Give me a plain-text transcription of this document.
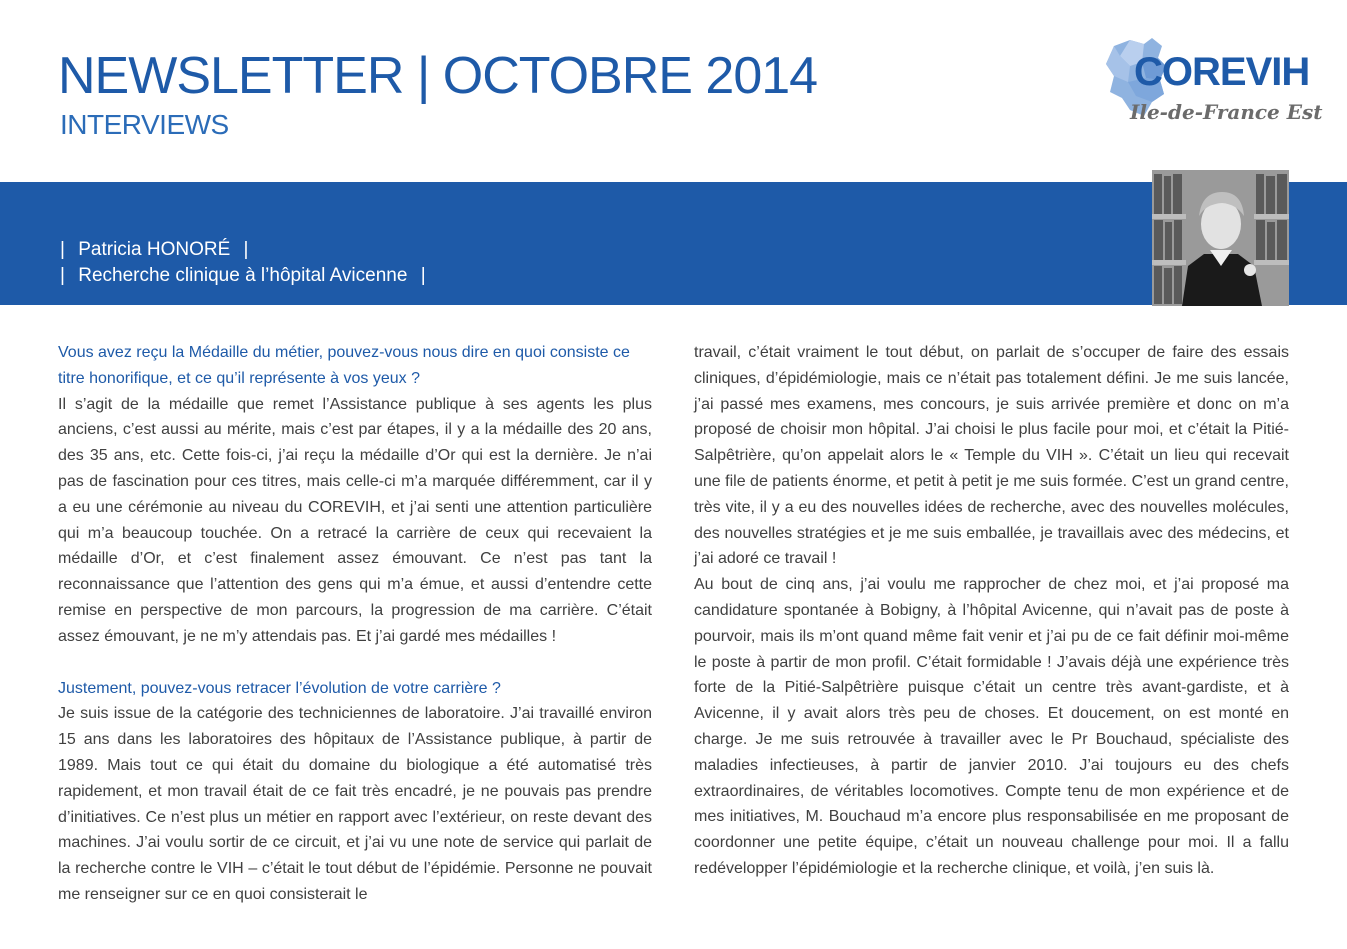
NEWSLETTER | OCTOBRE 2014
INTERVIEWS
COREVIH
Ile-de-France Est
| Patricia HONORÉ |
| Recherche clinique à l’hôpital Avicenne |

Vous avez reçu la Médaille du métier, pouvez-vous nous dire en quoi consiste ce titre honorifique, et ce qu’il représente à vos yeux ?

Il s’agit de la médaille que remet l’Assistance publique à ses agents les plus anciens, c’est aussi au mérite, mais c’est par étapes, il y a la médaille des 20 ans, des 35 ans, etc. Cette fois-ci, j’ai reçu la médaille d’Or qui est la dernière. Je n’ai pas de fascination pour ces titres, mais celle-ci m’a marquée différemment, car il y a eu une cérémonie au niveau du COREVIH, et j’ai senti une attention particulière qui m’a beaucoup touchée. On a retracé la carrière de ceux qui recevaient la médaille d’Or, et c’est finalement assez émouvant. Ce n’est pas tant la reconnaissance que l’attention des gens qui m’a émue, et aussi d’entendre cette remise en perspective de mon parcours, la progression de ma carrière. C’était assez émouvant, je ne m’y attendais pas. Et j’ai gardé mes médailles !

Justement, pouvez-vous retracer l’évolution de votre carrière ?

Je suis issue de la catégorie des techniciennes de laboratoire. J’ai travaillé environ 15 ans dans les laboratoires des hôpitaux de l’Assistance publique, à partir de 1989. Mais tout ce qui était du domaine du biologique a été automatisé très rapidement, et mon travail était de ce fait très encadré, je ne pouvais pas prendre d’initiatives. Ce n’est plus un métier en rapport avec l’extérieur, on reste devant des machines. J’ai voulu sortir de ce circuit, et j’ai vu une note de service qui parlait de la recherche contre le VIH – c’était le tout début de l’épidémie. Personne ne pouvait me renseigner sur ce en quoi consisterait le

travail, c’était vraiment le tout début, on parlait de s’occuper de faire des essais cliniques, d’épidémiologie, mais ce n’était pas totalement défini. Je me suis lancée, j’ai passé mes examens, mes concours, je suis arrivée première et donc on m’a proposé de choisir mon hôpital. J’ai choisi le plus facile pour moi, et c’était la Pitié-Salpêtrière, qu’on appelait alors le « Temple du VIH ». C’était un lieu qui recevait une file de patients énorme, et petit à petit je me suis formée. C’est un grand centre, très vite, il y a eu des nouvelles idées de recherche, avec des nouvelles molécules, des nouvelles stratégies et je me suis emballée, je travaillais avec des médecins, et j’ai adoré ce travail !

Au bout de cinq ans, j’ai voulu me rapprocher de chez moi, et j’ai proposé ma candidature spontanée à Bobigny, à l’hôpital Avicenne, qui n’avait pas de poste à pourvoir, mais ils m’ont quand même fait venir et j’ai pu de ce fait définir moi-même le poste à partir de mon profil. C’était formidable ! J’avais déjà une expérience très forte de la Pitié-Salpêtrière puisque c’était un centre très avant-gardiste, et à Avicenne, il y avait alors très peu de choses. Et doucement, on est monté en charge. Je me suis retrouvée à travailler avec le Pr Bouchaud, spécialiste des maladies infectieuses, à partir de janvier 2010. J’ai toujours eu des chefs extraordinaires, de véritables locomotives. Compte tenu de mon expérience et de mes initiatives, M. Bouchaud m’a encore plus responsabilisée en me proposant de coordonner une petite équipe, c’était un nouveau challenge pour moi. Il a fallu redévelopper l’épidémiologie et la recherche clinique, et voilà, j’en suis là.
